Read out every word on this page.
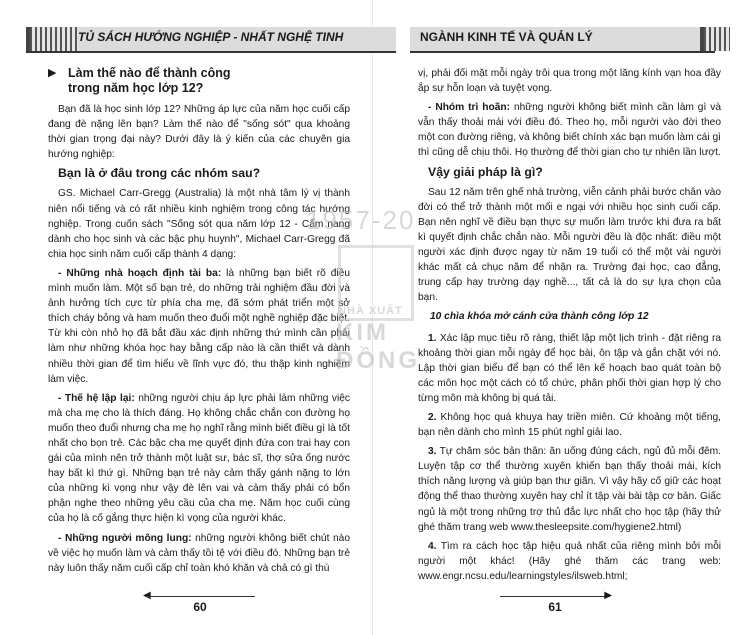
TỦ SÁCH HƯỚNG NGHIỆP - NHẤT NGHỆ TINH	NGÀNH KINH TẾ VÀ QUẢN LÝ
▶ Làm thế nào để thành công
trong năm học lớp 12?

Bạn đã là học sinh lớp 12? Những áp lực của năm học cuối cấp đang đè nặng lên bạn? Làm thế nào để "sống sót" qua khoảng thời gian trọng đại này? Dưới đây là ý kiến của các chuyên gia hướng nghiệp:

Bạn là ở đâu trong các nhóm sau?

GS. Michael Carr-Gregg (Australia) là một nhà tâm lý vị thành niên nổi tiếng và có rất nhiều kinh nghiệm trong công tác hướng nghiệp. Trong cuốn sách "Sống sót qua năm lớp 12 - Cẩm nang dành cho học sinh và các bậc phụ huynh", Michael Carr-Gregg đã chia học sinh năm cuối cấp thành 4 dạng:

- Những nhà hoạch định tài ba: là những bạn biết rõ điều mình muốn làm. Một số bạn trẻ, do những trải nghiệm đầu đời và ảnh hưởng tích cực từ phía cha mẹ, đã sớm phát triển một sở thích cháy bỏng và ham muốn theo đuổi một nghề nghiệp đặc biệt. Từ khi còn nhỏ họ đã bắt đầu xác định những thứ mình cần phải làm như những khóa học hay bằng cấp nào là cần thiết và dành nhiều thời gian để tìm hiểu về lĩnh vực đó, thu thập kinh nghiệm làm việc.

- Thế hệ lập lại: những người chịu áp lực phải làm những việc mà cha mẹ cho là thích đáng. Họ không chắc chắn con đường họ muốn theo đuổi nhưng cha mẹ họ nghĩ rằng mình biết điều gì là tốt nhất cho bọn trẻ. Các bậc cha mẹ quyết định đứa con trai hay con gái của mình nên trở thành một luật sư, bác sĩ, thợ sửa ống nước hay bất kì thứ gì. Những bạn trẻ này cảm thấy gánh nặng to lớn của những kì vọng như vậy đè lên vai và cảm thấy phải có bổn phận nghe theo những yêu cầu của cha mẹ. Năm học cuối cùng của họ là cố gắng thực hiện kì vọng của người khác.

- Những người mông lung: những người không biết chút nào về việc họ muốn làm và cảm thấy tồi tệ với điều đó. Những bạn trẻ này luôn thấy năm cuối cấp chỉ toàn khó khăn và chả có gì thú

vị, phải đối mặt mỗi ngày trôi qua trong một lăng kính vạn hoa đầy ắp sự hỗn loạn và tuyệt vọng.

- Nhóm trì hoãn: những người không biết mình cần làm gì và vẫn thấy thoải mái với điều đó. Theo họ, mỗi người vào đời theo một con đường riêng, và không biết chính xác bạn muốn làm cái gì thì cũng dễ chịu thôi. Họ thường để thời gian cho tự nhiên lần lượt.

Vậy giải pháp là gì?

Sau 12 năm trên ghế nhà trường, viễn cảnh phải bước chân vào đời có thể trở thành một mối e ngại với nhiều học sinh cuối cấp. Bạn nên nghĩ về điều bạn thực sự muốn làm trước khi đưa ra bất kì quyết định chắc chắn nào. Mỗi người đều là độc nhất: điều một người xác định được ngay từ năm 19 tuổi có thể một vài người khác mất cả chục năm để nhận ra. Trường đại học, cao đẳng, trung cấp hay trường dạy nghề..., tất cả là do sự lựa chọn của bạn.

10 chìa khóa mở cánh cửa thành công lớp 12

1. Xác lập mục tiêu rõ ràng, thiết lập một lịch trình - đặt riêng ra khoảng thời gian mỗi ngày để học bài, ôn tập và gắn chặt với nó. Lập thời gian biểu để bạn có thể lên kế hoạch bao quát toàn bộ các môn học một cách có tổ chức, phân phối thời gian hợp lý cho từng môn mà không bị quá tải.

2. Không học quá khuya hay triền miên. Cứ khoảng một tiếng, bạn nên dành cho mình 15 phút nghỉ giải lao.

3. Tự chăm sóc bản thân: ăn uống đúng cách, ngủ đủ mỗi đêm. Luyện tập cơ thể thường xuyên khiến bạn thấy thoải mái, kích thích năng lượng và giúp bạn thư giãn. Vì vậy hãy cố giữ các hoạt động thể thao thường xuyên hay chỉ ít tập vài bài tập cơ bản. Giấc ngủ là một trong những trợ thủ đắc lực nhất cho học tập (hãy thử ghé thăm trang web www.thesleepsite.com/hygiene2.html)

4. Tìm ra cách học tập hiệu quả nhất của riêng mình bởi mỗi người một khác! (Hãy ghé thăm các trang web: www.engr.ncsu.edu/learningstyles/ilsweb.html;

1957-20
NHÀ XUẤT
KIM ĐỒNG
◀
60
▶
61
